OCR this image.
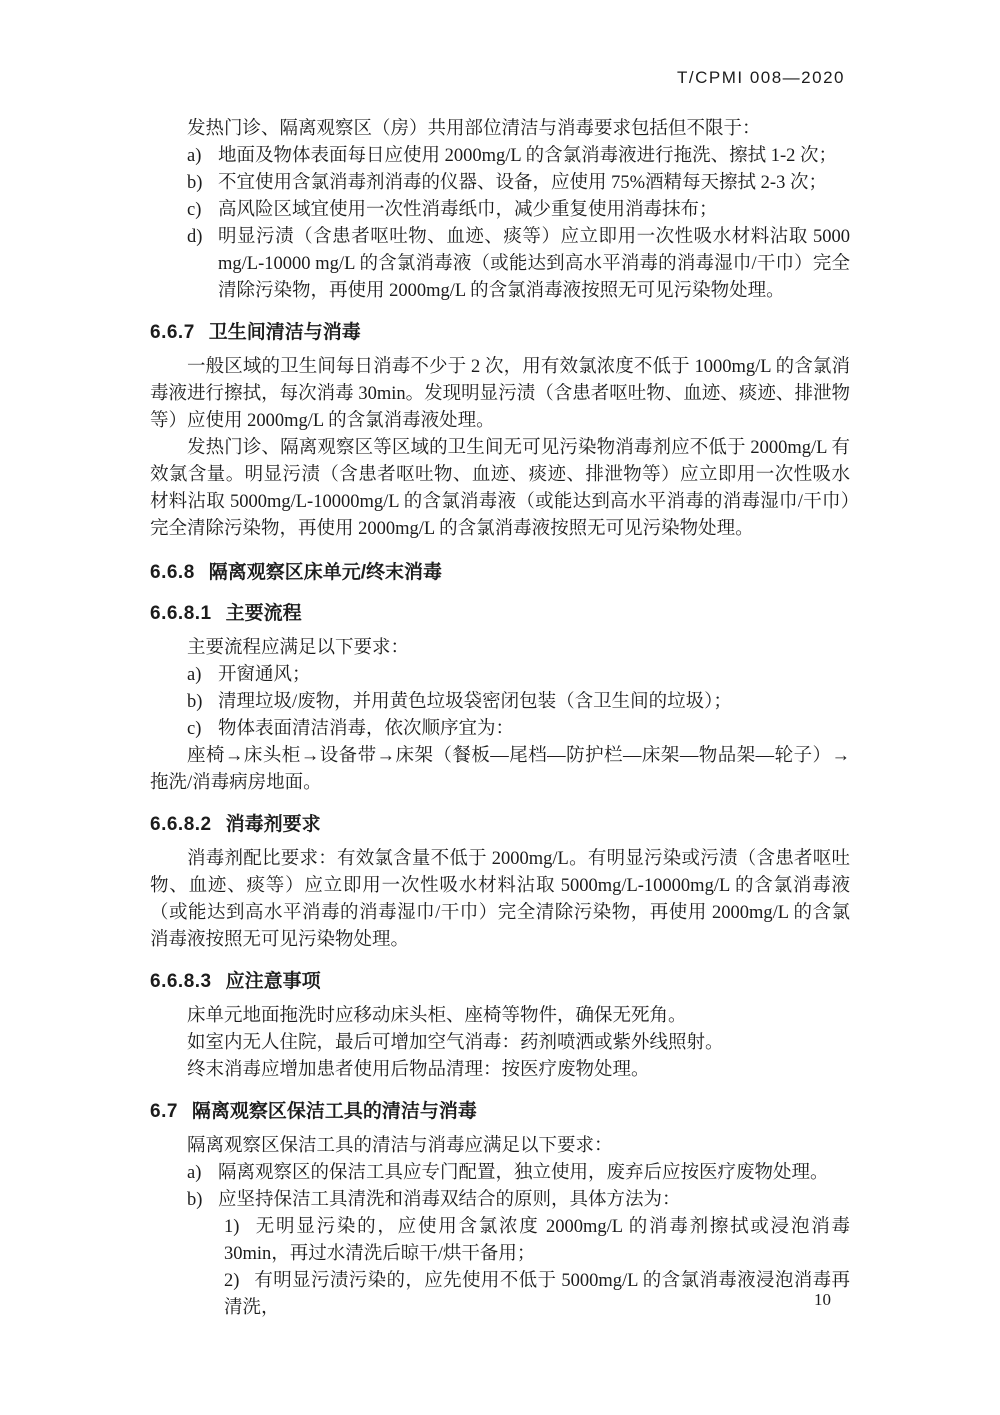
T/CPMI 008—2020

发热门诊、隔离观察区（房）共用部位清洁与消毒要求包括但不限于：

a) 地面及物体表面每日应使用 2000mg/L 的含氯消毒液进行拖洗、擦拭 1-2 次；
b) 不宜使用含氯消毒剂消毒的仪器、设备，应使用 75%酒精每天擦拭 2-3 次；
c) 高风险区域宜使用一次性消毒纸巾，减少重复使用消毒抹布；
d) 明显污渍（含患者呕吐物、血迹、痰等）应立即用一次性吸水材料沾取 5000 mg/L-10000 mg/L 的含氯消毒液（或能达到高水平消毒的消毒湿巾/干巾）完全清除污染物，再使用 2000mg/L 的含氯消毒液按照无可见污染物处理。
6.6.7 卫生间清洁与消毒

一般区域的卫生间每日消毒不少于 2 次，用有效氯浓度不低于 1000mg/L 的含氯消毒液进行擦拭，每次消毒 30min。发现明显污渍（含患者呕吐物、血迹、痰迹、排泄物等）应使用 2000mg/L 的含氯消毒液处理。

发热门诊、隔离观察区等区域的卫生间无可见污染物消毒剂应不低于 2000mg/L 有效氯含量。明显污渍（含患者呕吐物、血迹、痰迹、排泄物等）应立即用一次性吸水材料沾取 5000mg/L-10000mg/L 的含氯消毒液（或能达到高水平消毒的消毒湿巾/干巾）完全清除污染物，再使用 2000mg/L 的含氯消毒液按照无可见污染物处理。

6.6.8 隔离观察区床单元/终末消毒
6.6.8.1 主要流程

主要流程应满足以下要求：

a) 开窗通风；
b) 清理垃圾/废物，并用黄色垃圾袋密闭包装（含卫生间的垃圾）；
c) 物体表面清洁消毒，依次顺序宜为：

座椅→床头柜→设备带→床架（餐板—尾档—防护栏—床架—物品架—轮子）→拖洗/消毒病房地面。

6.6.8.2 消毒剂要求

消毒剂配比要求：有效氯含量不低于 2000mg/L。有明显污染或污渍（含患者呕吐物、血迹、痰等）应立即用一次性吸水材料沾取 5000mg/L-10000mg/L 的含氯消毒液（或能达到高水平消毒的消毒湿巾/干巾）完全清除污染物，再使用 2000mg/L 的含氯消毒液按照无可见污染物处理。

6.6.8.3 应注意事项

床单元地面拖洗时应移动床头柜、座椅等物件，确保无死角。

如室内无人住院，最后可增加空气消毒：药剂喷洒或紫外线照射。

终末消毒应增加患者使用后物品清理：按医疗废物处理。

6.7 隔离观察区保洁工具的清洁与消毒

隔离观察区保洁工具的清洁与消毒应满足以下要求：

a) 隔离观察区的保洁工具应专门配置，独立使用，废弃后应按医疗废物处理。
b) 应坚持保洁工具清洗和消毒双结合的原则，具体方法为：
1) 无明显污染的，应使用含氯浓度 2000mg/L 的消毒剂擦拭或浸泡消毒 30min，再过水清洗后晾干/烘干备用；
2) 有明显污渍污染的，应先使用不低于 5000mg/L 的含氯消毒液浸泡消毒再清洗，	10
